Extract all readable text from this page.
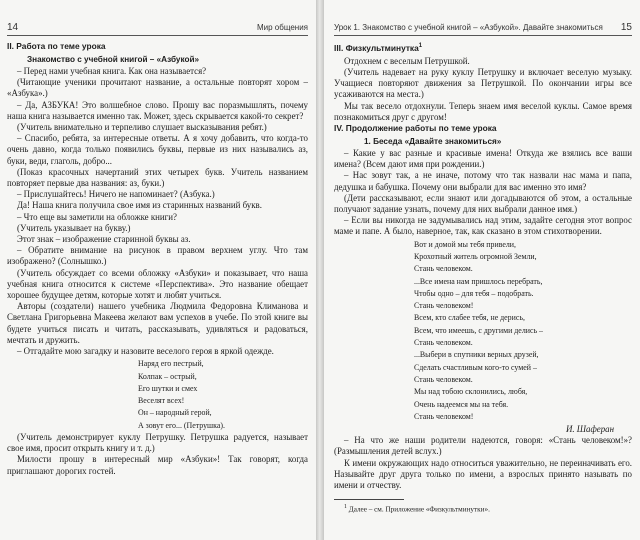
14	Мир общения
II. Работа по теме урока
Знакомство с учебной книгой – «Азбукой»

– Перед нами учебная книга. Как она называется?

(Читающие ученики прочитают название, а остальные повторят хором – «Азбука».)

– Да, АЗБУКА! Это волшебное слово. Прошу вас поразмышлять, почему наша книга называется именно так. Может, здесь скрывается какой-то секрет?

(Учитель внимательно и терпеливо слушает высказывания ребят.)

– Спасибо, ребята, за интересные ответы. А я хочу добавить, что когда-то очень давно, когда только появились буквы, первые из них назывались аз, буки, веди, глаголь, добро...

(Показ красочных начертаний этих четырех букв. Учитель названием повторяет первые два названия: аз, буки.)

– Прислушайтесь! Ничего не напоминает? (Азбука.)

Да! Наша книга получила свое имя из старинных названий букв.

– Что еще вы заметили на обложке книги?

(Учитель указывает на букву.)

Этот знак – изображение старинной буквы аз.

– Обратите внимание на рисунок в правом верхнем углу. Что там изображено? (Солнышко.)

(Учитель обсуждает со всеми обложку «Азбуки» и показывает, что наша учебная книга относится к системе «Перспектива». Это название обещает хорошее будущее детям, которые хотят и любят учиться.

Авторы (создатели) нашего учебника Людмила Федоровна Климанова и Светлана Григорьевна Макеева желают вам успехов в учебе. По этой книге вы будете учиться писать и читать, рассказывать, удивляться и радоваться, мечтать и дружить.

– Отгадайте мою загадку и назовите веселого героя в яркой одежде.

Наряд его пестрый,
Колпак – острый,
Его шутки и смех
Веселят всех!
Он – народный герой,
А зовут его... (Петрушка).

(Учитель демонстрирует куклу Петрушку. Петрушка радуется, называет свое имя, просит открыть книгу и т. д.)

Милости прошу в интересный мир «Азбуки»! Так говорят, когда приглашают дорогих гостей.

Урок 1. Знакомство с учебной книгой – «Азбукой». Давайте знакомиться 15
III. Физкультминутка$^1$

Отдохнем с веселым Петрушкой.

(Учитель надевает на руку куклу Петрушку и включает веселую музыку. Учащиеся повторяют движения за Петрушкой. По окончании игры все усаживаются на места.)

Мы так весело отдохнули. Теперь знаем имя веселой куклы. Самое время познакомиться друг с другом!

IV. Продолжение работы по теме урока
1. Беседа «Давайте знакомиться»

– Какие у вас разные и красивые имена! Откуда же взялись все ваши имена? (Всем дают имя при рождении.)

– Нас зовут так, а не иначе, потому что так назвали нас мама и папа, дедушка и бабушка. Почему они выбрали для вас именно это имя?

(Дети рассказывают, если знают или догадываются об этом, а остальные получают задание узнать, почему для них выбрали данное имя.)

– Если вы никогда не задумывались над этим, задайте сегодня этот вопрос маме и папе. А было, наверное, так, как сказано в этом стихотворении.

Вот и домой мы тебя привели,
Крохотный житель огромной Земли,
Стань человеком.
...Все имена нам пришлось перебрать,
Чтобы одно – для тебя – подобрать.
Стань человеком!
Всем, кто слабее тебя, не дерись,
Всем, что имеешь, с другими делись –
Стань человеком.
...Выбери в спутники верных друзей,
Сделать счастливым кого-то сумей –
Стань человеком.
Мы над тобою склонились, любя,
Очень надеемся мы на тебя.
Стань человеком!
И. Шаферан

– На что же наши родители надеются, говоря: «Стань человеком!»? (Размышления детей вслух.)

К имени окружающих надо относиться уважительно, не переиначивать его. Называйте друг друга только по имени, а взрослых принято называть по имени и отчеству.

$^1$ Далее – см. Приложение «Физкультминутки».
